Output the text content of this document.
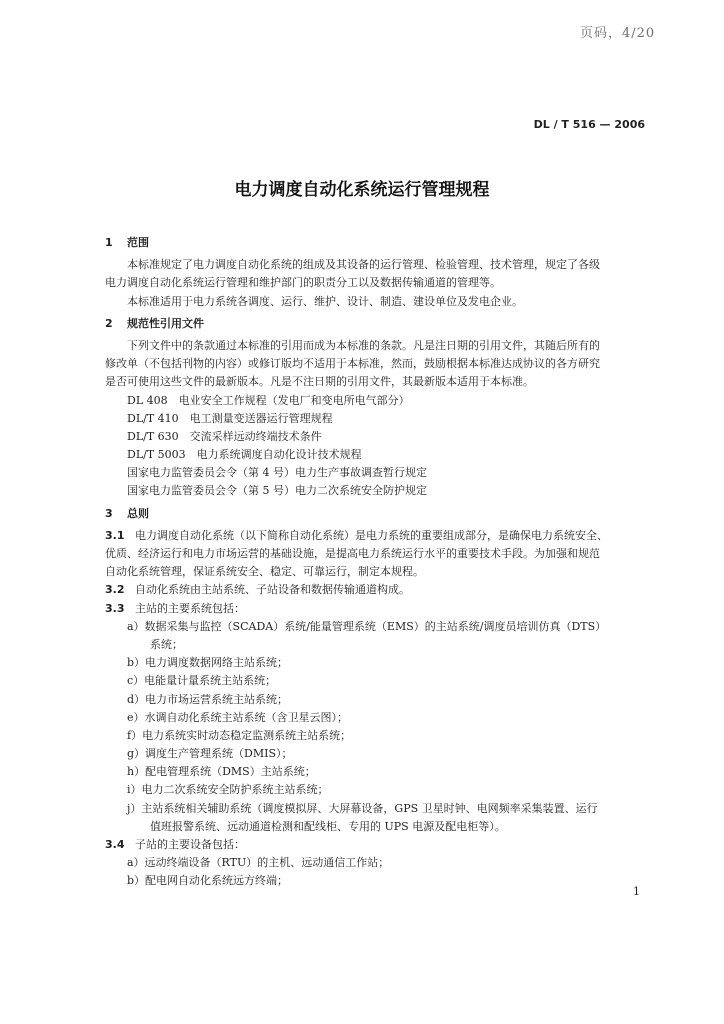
页码，4/20
DL / T 516 — 2006
电力调度自动化系统运行管理规程
1 范围
本标准规定了电力调度自动化系统的组成及其设备的运行管理、检验管理、技术管理，规定了各级
电力调度自动化系统运行管理和维护部门的职责分工以及数据传输通道的管理等。
本标准适用于电力系统各调度、运行、维护、设计、制造、建设单位及发电企业。
2 规范性引用文件
下列文件中的条款通过本标准的引用而成为本标准的条款。凡是注日期的引用文件，其随后所有的
修改单（不包括刊物的内容）或修订版均不适用于本标准，然而，鼓励根据本标准达成协议的各方研究
是否可使用这些文件的最新版本。凡是不注日期的引用文件，其最新版本适用于本标准。
DL 408　电业安全工作规程（发电厂和变电所电气部分）
DL/T 410　电工测量变送器运行管理规程
DL/T 630　交流采样远动终端技术条件
DL/T 5003　电力系统调度自动化设计技术规程
国家电力监管委员会令（第 4 号）电力生产事故调查暂行规定
国家电力监管委员会令（第 5 号）电力二次系统安全防护规定
3 总则
3.1 电力调度自动化系统（以下简称自动化系统）是电力系统的重要组成部分，是确保电力系统安全、
优质、经济运行和电力市场运营的基础设施，是提高电力系统运行水平的重要技术手段。为加强和规范
自动化系统管理，保证系统安全、稳定、可靠运行，制定本规程。
3.2 自动化系统由主站系统、子站设备和数据传输通道构成。
3.3 主站的主要系统包括：
a）数据采集与监控（SCADA）系统/能量管理系统（EMS）的主站系统/调度员培训仿真（DTS）
系统；
b）电力调度数据网络主站系统；
c）电能量计量系统主站系统；
d）电力市场运营系统主站系统；
e）水调自动化系统主站系统（含卫星云图）；
f）电力系统实时动态稳定监测系统主站系统；
g）调度生产管理系统（DMIS）；
h）配电管理系统（DMS）主站系统；
i）电力二次系统安全防护系统主站系统；
j）主站系统相关辅助系统（调度模拟屏、大屏幕设备，GPS 卫星时钟、电网频率采集装置、运行
值班报警系统、远动通道检测和配线柜、专用的 UPS 电源及配电柜等）。
3.4 子站的主要设备包括：
a）远动终端设备（RTU）的主机、远动通信工作站；
b）配电网自动化系统远方终端；
1
